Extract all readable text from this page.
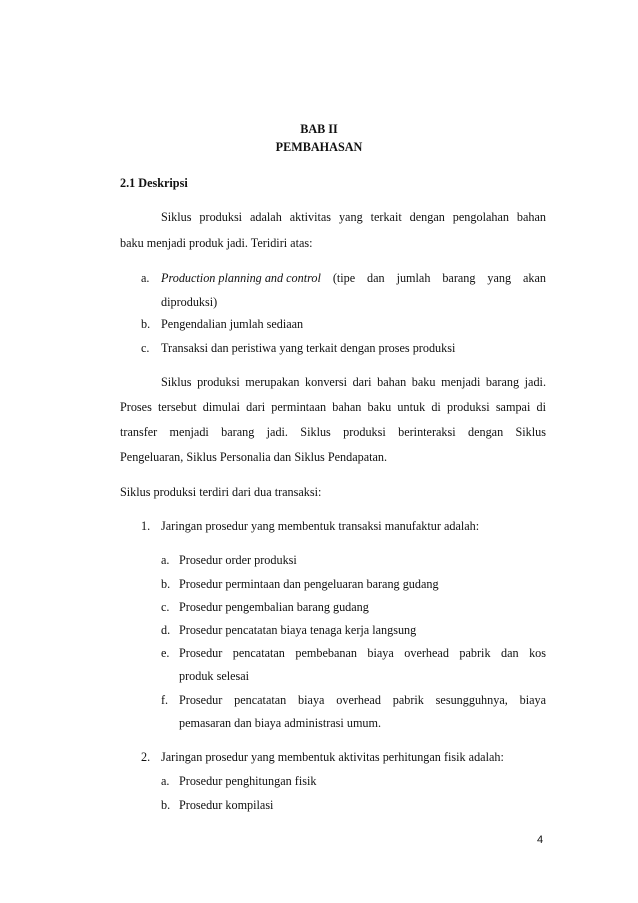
BAB II
PEMBAHASAN
2.1 Deskripsi
Siklus produksi adalah aktivitas yang terkait dengan pengolahan bahan
baku menjadi produk jadi. Teridiri atas:
a. Production planning and control (tipe dan jumlah barang yang akan
diproduksi)
b. Pengendalian jumlah sediaan
c. Transaksi dan peristiwa yang terkait dengan proses produksi
Siklus produksi merupakan konversi dari bahan baku menjadi barang jadi.
Proses tersebut dimulai dari permintaan bahan baku untuk di produksi sampai di
transfer menjadi barang jadi. Siklus produksi berinteraksi dengan Siklus
Pengeluaran, Siklus Personalia dan Siklus Pendapatan.
Siklus produksi terdiri dari dua transaksi:
1. Jaringan prosedur yang membentuk transaksi manufaktur adalah:
a. Prosedur order produksi
b. Prosedur permintaan dan pengeluaran barang gudang
c. Prosedur pengembalian barang gudang
d. Prosedur pencatatan biaya tenaga kerja langsung
e. Prosedur pencatatan pembebanan biaya overhead pabrik dan kos
produk selesai
f. Prosedur pencatatan biaya overhead pabrik sesungguhnya, biaya
pemasaran dan biaya administrasi umum.
2. Jaringan prosedur yang membentuk aktivitas perhitungan fisik adalah:
a. Prosedur penghitungan fisik
b. Prosedur kompilasi
4
